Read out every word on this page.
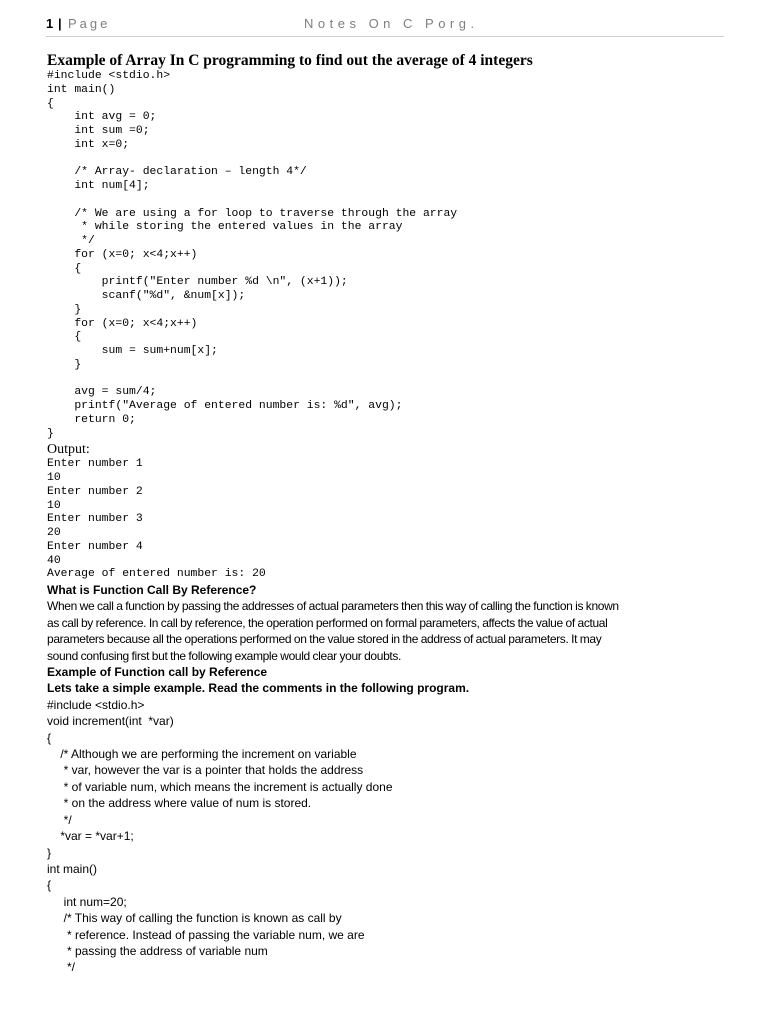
1 | Page	Notes On C Porg.
Example of Array In C programming to find out the average of 4 integers
#include <stdio.h>
int main()
{
int avg = 0;
int sum =0;
int x=0;

/* Array- declaration – length 4*/
int num[4];

/* We are using a for loop to traverse through the array
* while storing the entered values in the array
*/
for (x=0; x<4;x++)
{
printf("Enter number %d \n", (x+1));
scanf("%d", &num[x]);
}
for (x=0; x<4;x++)
{
sum = sum+num[x];
}

avg = sum/4;
printf("Average of entered number is: %d", avg);
return 0;
}
Output:
Enter number 1
10
Enter number 2
10
Enter number 3
20
Enter number 4
40
Average of entered number is: 20
What is Function Call By Reference?
When we call a function by passing the addresses of actual parameters then this way of calling the function is known
as call by reference. In call by reference, the operation performed on formal parameters, affects the value of actual
parameters because all the operations performed on the value stored in the address of actual parameters. It may
sound confusing first but the following example would clear your doubts.
Example of Function call by Reference
Lets take a simple example. Read the comments in the following program.
#include <stdio.h>
void increment(int  *var)
{
/* Although we are performing the increment on variable
* var, however the var is a pointer that holds the address
* of variable num, which means the increment is actually done
* on the address where value of num is stored.
*/
*var = *var+1;
}
int main()
{
int num=20;
/* This way of calling the function is known as call by
* reference. Instead of passing the variable num, we are
* passing the address of variable num
*/
